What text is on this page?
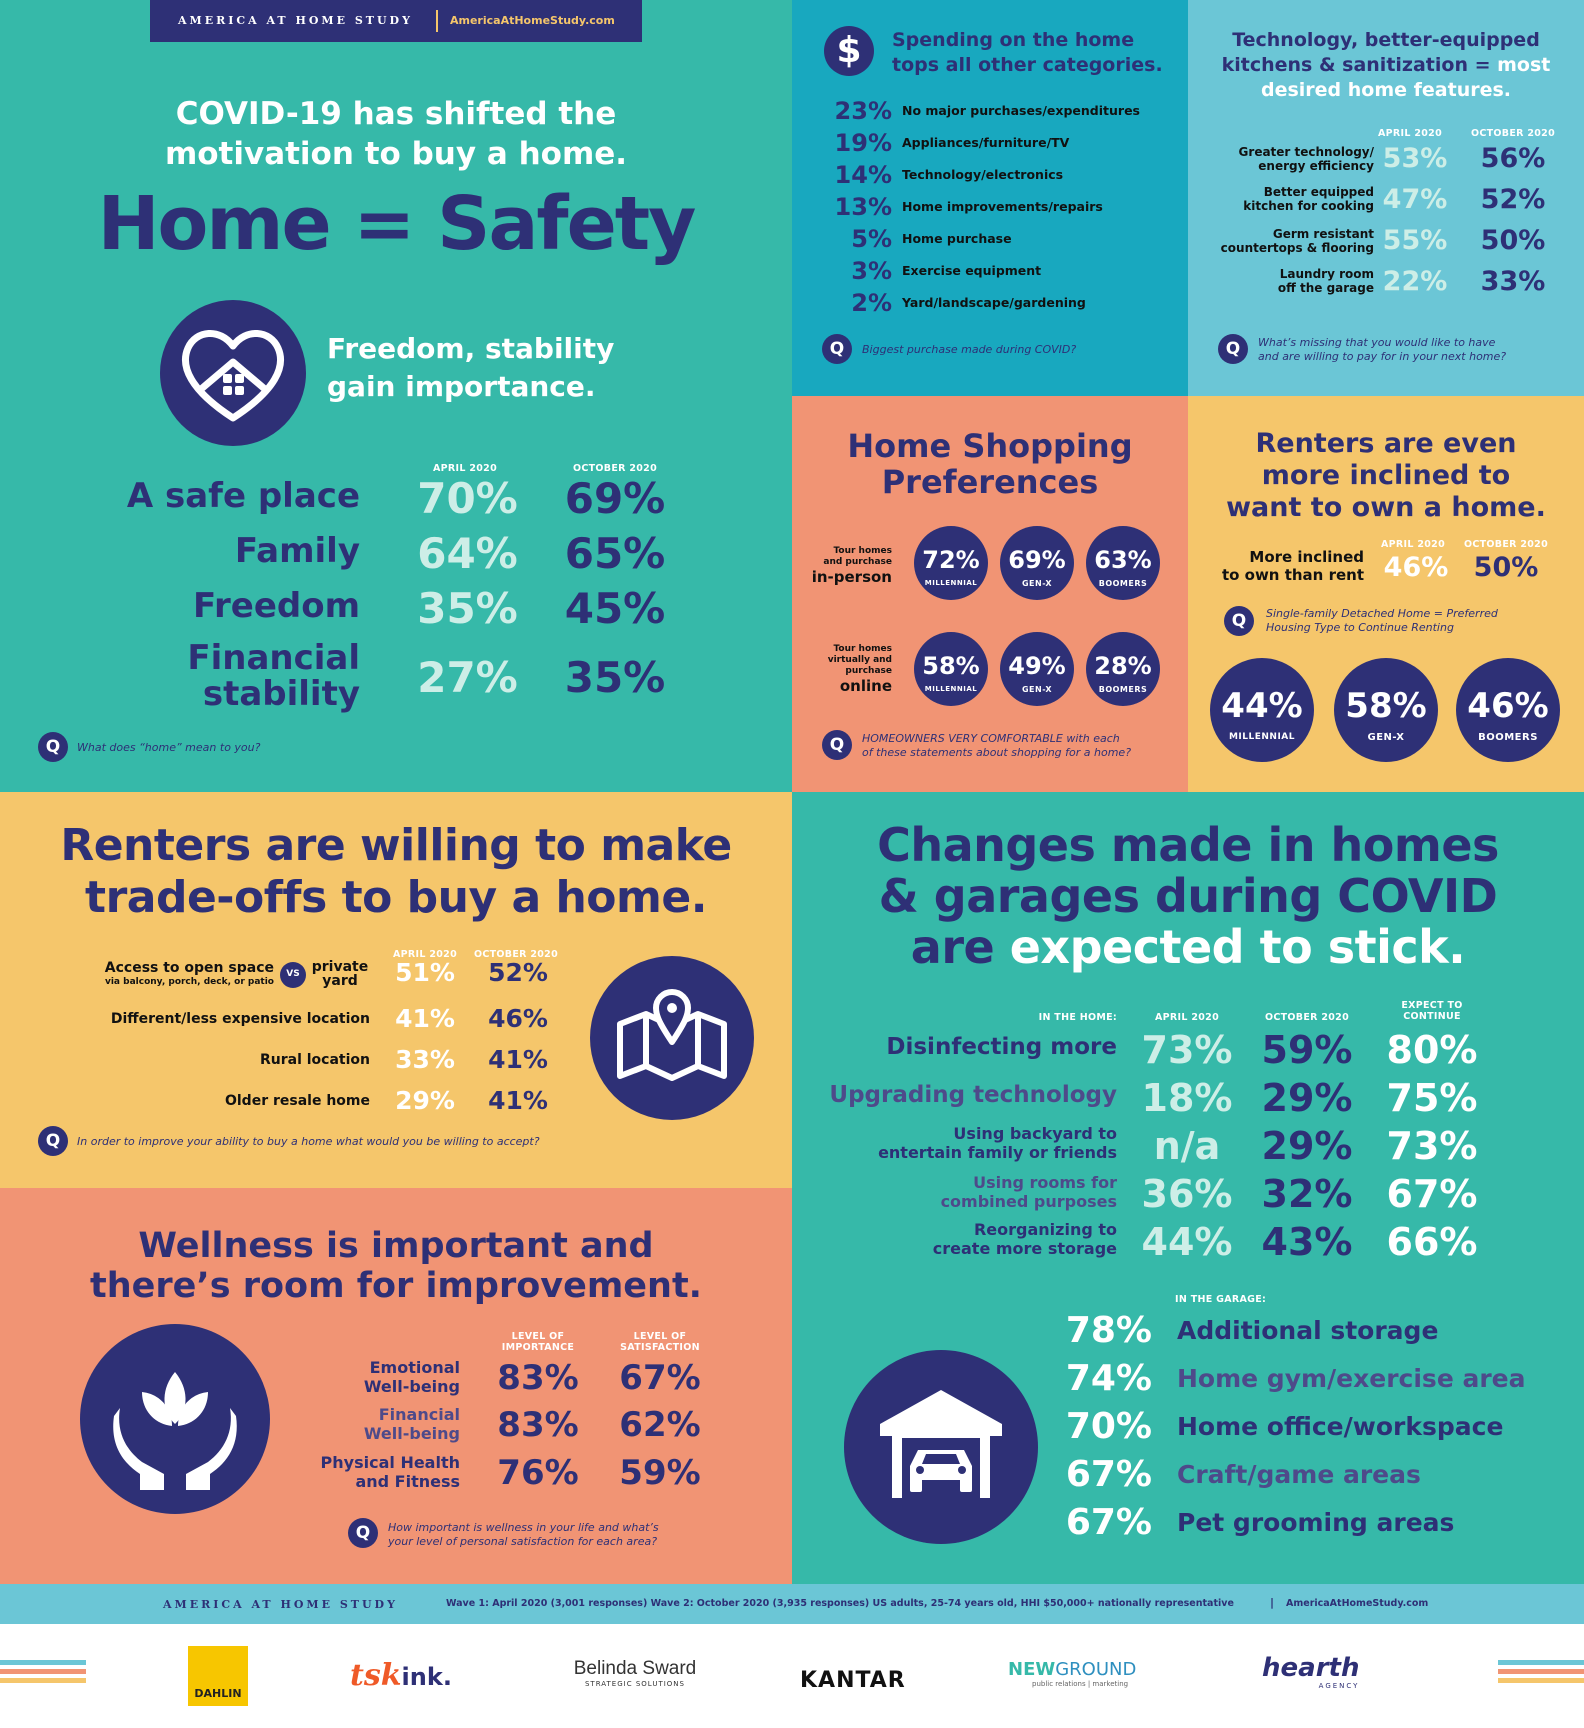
AMERICA AT HOME STUDY	AmericaAtHomeStudy.com
COVID-19 has shifted the
motivation to buy a home.
Home = Safety
Freedom, stability
gain importance.
APRIL 2020	OCTOBER 2020
A safe place 70%	69%
Family 64%	65%
Freedom 35%	45%
Financial
stability 27%	35%
Q	What does “home” mean to you?
$	Spending on the home
tops all other categories.
23% No major purchases/expenditures
19% Appliances/furniture/TV
14% Technology/electronics
13% Home improvements/repairs
5% Home purchase
3% Exercise equipment
2% Yard/landscape/gardening
Q	Biggest purchase made during COVID?
Technology, better-equipped
kitchens & sanitization = most
desired home features.
APRIL 2020	OCTOBER 2020
Greater technology/
energy efficiency 53% 56%
Better equipped
kitchen for cooking 47% 52%
Germ resistant
countertops & flooring 55% 50%
Laundry room
off the garage 22% 33%
Q	What’s missing that you would like to have
and are willing to pay for in your next home?
Home Shopping
Preferences
Tour homes
and purchase
in-person
Tour homes
virtually and
purchase
online
72%
MILLENNIAL
69%
GEN-X
63%
BOOMERS
58%
MILLENNIAL
49%
GEN-X
28%
BOOMERS
Q	HOMEOWNERS VERY COMFORTABLE with each
of these statements about shopping for a home?
Renters are even
more inclined to
want to own a home.
APRIL 2020	OCTOBER 2020
More inclined
to own than rent 46% 50%
Q	Single-family Detached Home = Preferred
Housing Type to Continue Renting
44%
MILLENNIAL
58%
GEN-X
46%
BOOMERS
Renters are willing to make
trade-offs to buy a home.
APRIL 2020	OCTOBER 2020
Access to open space
via balcony, porch, deck, or patio
VS private
yard	51%	52%
Different/less expensive location 41%	46%
Rural location 33%	41%
Older resale home 29%	41%
Q	In order to improve your ability to buy a home what would you be willing to accept?
Wellness is important and
there’s room for improvement.
LEVEL OF
IMPORTANCE
LEVEL OF
SATISFACTION
Emotional
Well-being	83%	67%
Financial
Well-being	83%	62%
Physical Health
and Fitness	76%	59%
Q	How important is wellness in your life and what’s
your level of personal satisfaction for each area?
Changes made in homes
& garages during COVID
are expected to stick.
IN THE HOME:	APRIL 2020	OCTOBER 2020
EXPECT TO
CONTINUE
Disinfecting more 73% 59% 80%
Upgrading technology 18% 29% 75%
Using backyard to
entertain family or friends n/a	29% 73%
Using rooms for
combined purposes 36% 32% 67%
Reorganizing to
create more storage 44% 43% 66%
IN THE GARAGE:
78% Additional storage
74% Home gym/exercise area
70% Home office/workspace
67% Craft/game areas
67% Pet grooming areas
AMERICA AT HOME STUDY	Wave 1: April 2020 (3,001 responses) Wave 2: October 2020 (3,935 responses) US adults, 25-74 years old, HHI $50,000+ nationally representative	| AmericaAtHomeStudy.com
DAHLIN
tskink.	Belinda Sward
STRATEGIC SOLUTIONS	KANTAR	NEWGROUND
public relations | marketing
hearth
AGENCY
